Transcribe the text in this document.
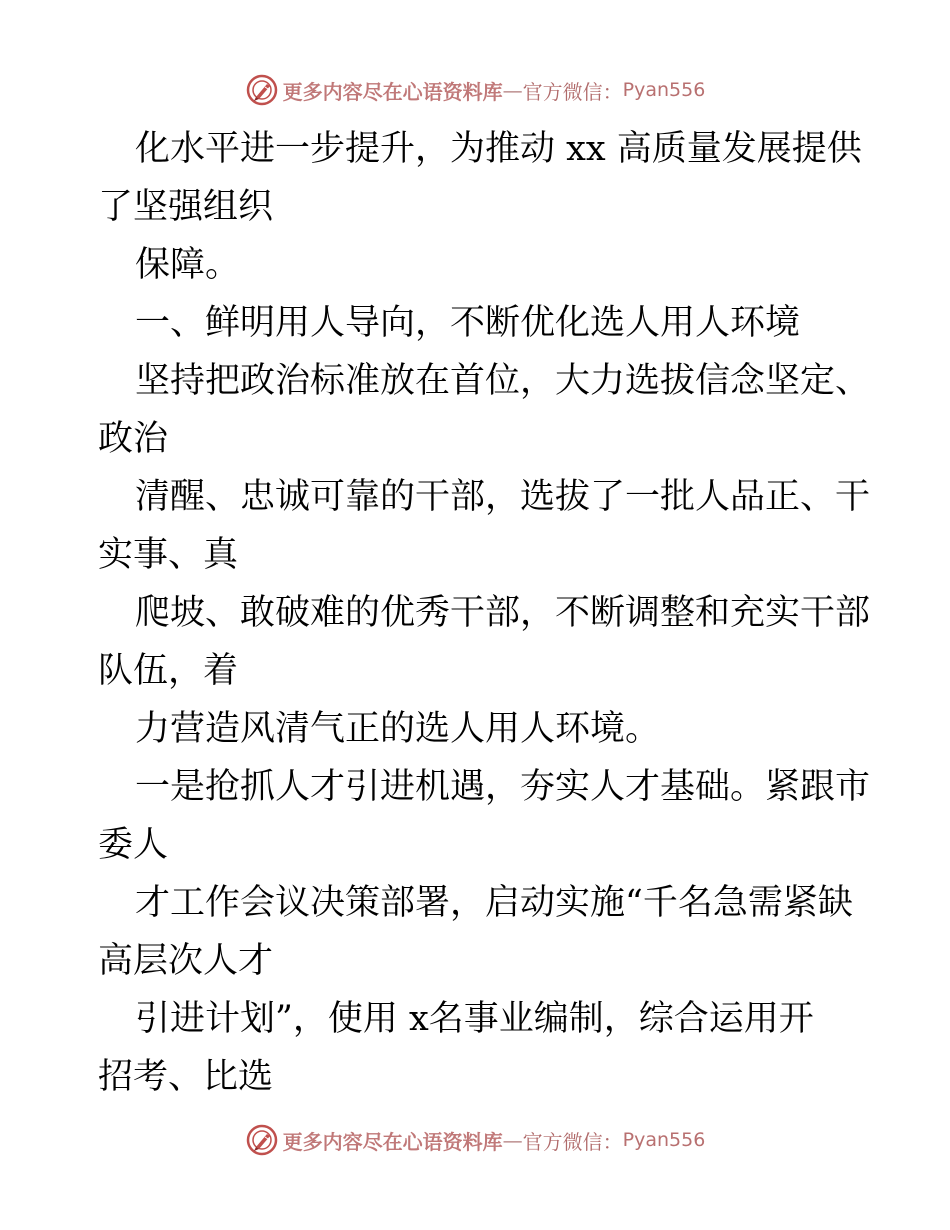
更多内容尽在心语资料库 — 官方微信： Pyan556
化水平进一步提升，为推动 xx 高质量发展提供
了坚强组织
保障。
一、鲜明用人导向，不断优化选人用人环境
坚持把政治标准放在首位，大力选拔信念坚定、
政治
清醒、忠诚可靠的干部，选拔了一批人品正、干
实事、真
爬坡、敢破难的优秀干部，不断调整和充实干部
队伍，着
力营造风清气正的选人用人环境。
一是抢抓人才引进机遇，夯实人才基础。紧跟市
委人
才工作会议决策部署，启动实施“千名急需紧缺
高层次人才
引进计划”，使用 x名事业编制，综合运用开
招考、比选
更多内容尽在心语资料库 — 官方微信： Pyan556
